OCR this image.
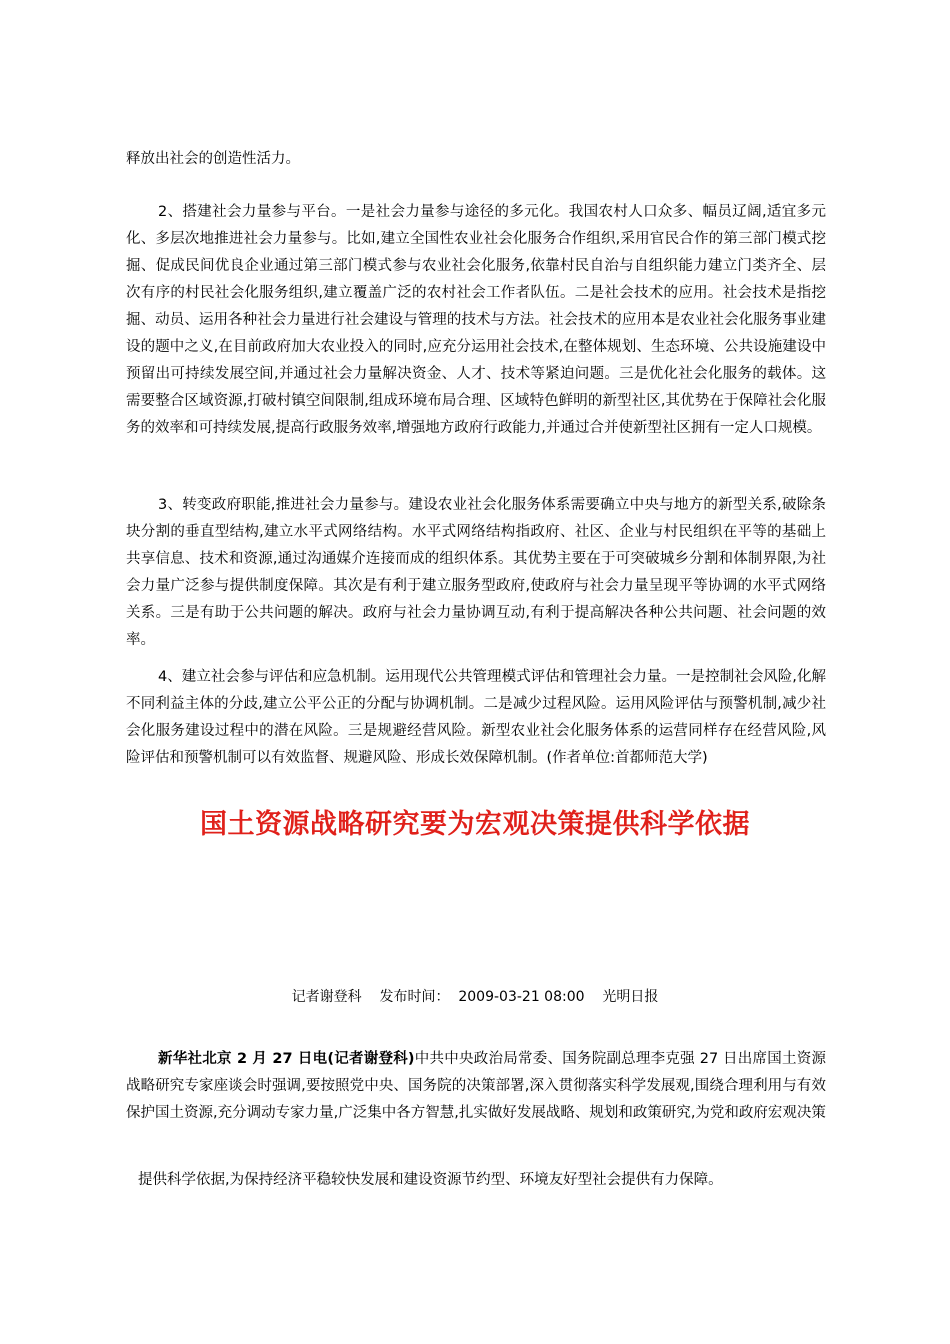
释放出社会的创造性活力。

2、搭建社会力量参与平台。一是社会力量参与途径的多元化。我国农村人口众多、幅员辽阔,适宜多元化、多层次地推进社会力量参与。比如,建立全国性农业社会化服务合作组织,采用官民合作的第三部门模式挖掘、促成民间优良企业通过第三部门模式参与农业社会化服务,依靠村民自治与自组织能力建立门类齐全、层次有序的村民社会化服务组织,建立覆盖广泛的农村社会工作者队伍。二是社会技术的应用。社会技术是指挖掘、动员、运用各种社会力量进行社会建设与管理的技术与方法。社会技术的应用本是农业社会化服务事业建设的题中之义,在目前政府加大农业投入的同时,应充分运用社会技术,在整体规划、生态环境、公共设施建设中预留出可持续发展空间,并通过社会力量解决资金、人才、技术等紧迫问题。三是优化社会化服务的载体。这需要整合区域资源,打破村镇空间限制,组成环境布局合理、区域特色鲜明的新型社区,其优势在于保障社会化服务的效率和可持续发展,提高行政服务效率,增强地方政府行政能力,并通过合并使新型社区拥有一定人口规模。

3、转变政府职能,推进社会力量参与。建设农业社会化服务体系需要确立中央与地方的新型关系,破除条块分割的垂直型结构,建立水平式网络结构。水平式网络结构指政府、社区、企业与村民组织在平等的基础上共享信息、技术和资源,通过沟通媒介连接而成的组织体系。其优势主要在于可突破城乡分割和体制界限,为社会力量广泛参与提供制度保障。其次是有利于建立服务型政府,使政府与社会力量呈现平等协调的水平式网络关系。三是有助于公共问题的解决。政府与社会力量协调互动,有利于提高解决各种公共问题、社会问题的效率。

4、建立社会参与评估和应急机制。运用现代公共管理模式评估和管理社会力量。一是控制社会风险,化解不同利益主体的分歧,建立公平公正的分配与协调机制。二是减少过程风险。运用风险评估与预警机制,减少社会化服务建设过程中的潜在风险。三是规避经营风险。新型农业社会化服务体系的运营同样存在经营风险,风险评估和预警机制可以有效监督、规避风险、形成长效保障机制。(作者单位:首都师范大学)

国土资源战略研究要为宏观决策提供科学依据
记者谢登科 发布时间： 2009-03-21 08:00 光明日报

新华社北京 2 月 27 日电(记者谢登科)中共中央政治局常委、国务院副总理李克强 27 日出席国土资源战略研究专家座谈会时强调,要按照党中央、国务院的决策部署,深入贯彻落实科学发展观,围绕合理利用与有效保护国土资源,充分调动专家力量,广泛集中各方智慧,扎实做好发展战略、规划和政策研究,为党和政府宏观决策

提供科学依据,为保持经济平稳较快发展和建设资源节约型、环境友好型社会提供有力保障。
